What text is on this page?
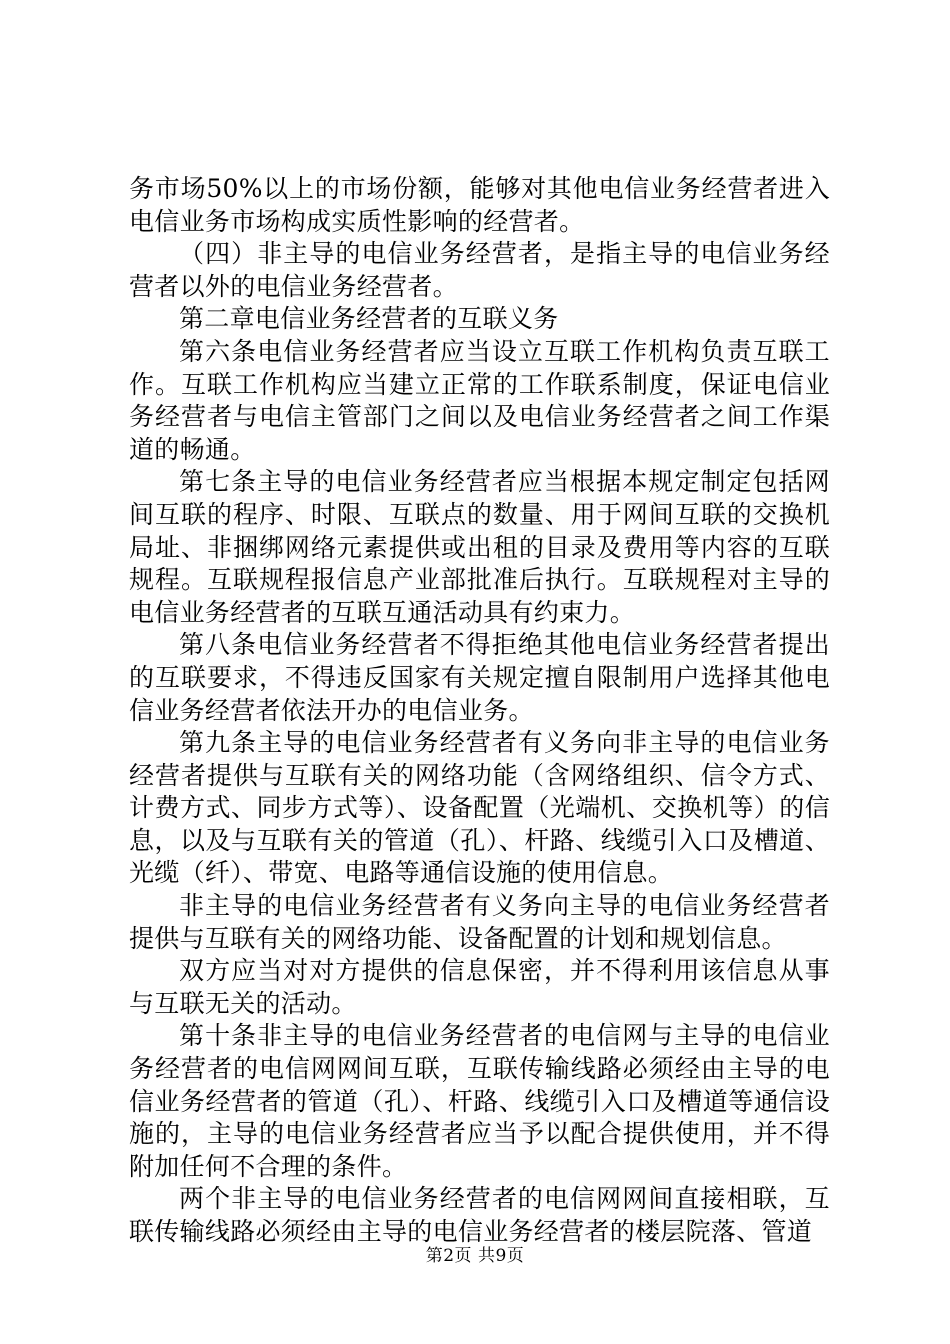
务市场50%以上的市场份额，能够对其他电信业务经营者进入电信业务市场构成实质性影响的经营者。

（四）非主导的电信业务经营者，是指主导的电信业务经营者以外的电信业务经营者。

第二章电信业务经营者的互联义务

第六条电信业务经营者应当设立互联工作机构负责互联工作。互联工作机构应当建立正常的工作联系制度，保证电信业务经营者与电信主管部门之间以及电信业务经营者之间工作渠道的畅通。

第七条主导的电信业务经营者应当根据本规定制定包括网间互联的程序、时限、互联点的数量、用于网间互联的交换机局址、非捆绑网络元素提供或出租的目录及费用等内容的互联规程。互联规程报信息产业部批准后执行。互联规程对主导的电信业务经营者的互联互通活动具有约束力。

第八条电信业务经营者不得拒绝其他电信业务经营者提出的互联要求，不得违反国家有关规定擅自限制用户选择其他电信业务经营者依法开办的电信业务。

第九条主导的电信业务经营者有义务向非主导的电信业务经营者提供与互联有关的网络功能（含网络组织、信令方式、计费方式、同步方式等）、设备配置（光端机、交换机等）的信息，以及与互联有关的管道（孔）、杆路、线缆引入口及槽道、光缆（纤）、带宽、电路等通信设施的使用信息。

非主导的电信业务经营者有义务向主导的电信业务经营者提供与互联有关的网络功能、设备配置的计划和规划信息。

双方应当对对方提供的信息保密，并不得利用该信息从事与互联无关的活动。

第十条非主导的电信业务经营者的电信网与主导的电信业务经营者的电信网网间互联，互联传输线路必须经由主导的电信业务经营者的管道（孔）、杆路、线缆引入口及槽道等通信设施的，主导的电信业务经营者应当予以配合提供使用，并不得附加任何不合理的条件。

两个非主导的电信业务经营者的电信网网间直接相联，互联传输线路必须经由主导的电信业务经营者的楼层院落、管道

第2页 共9页
